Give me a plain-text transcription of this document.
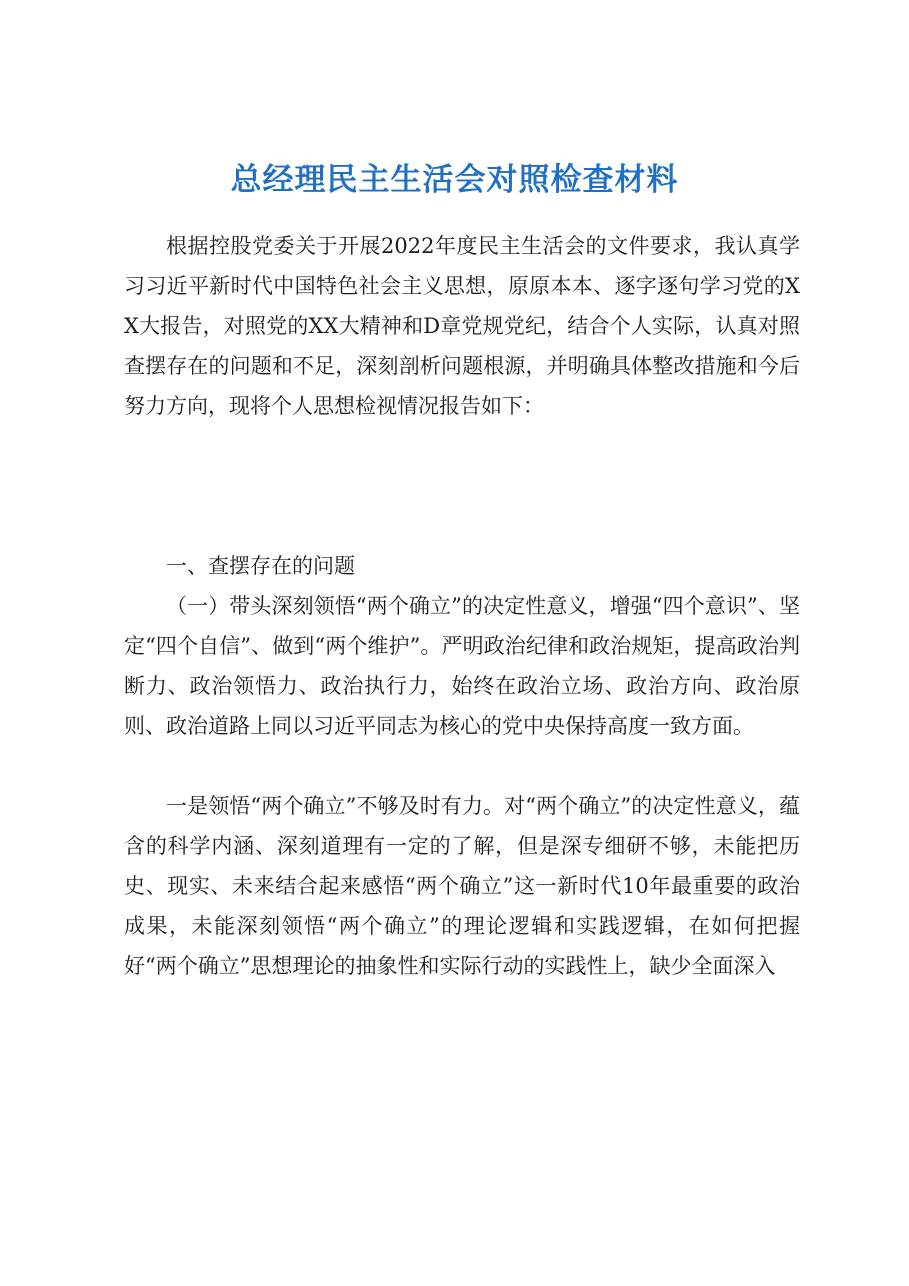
总经理民主生活会对照检查材料

根据控股党委关于开展2022年度民主生活会的文件要求，我认真学习习近平新时代中国特色社会主义思想，原原本本、逐字逐句学习党的XX大报告，对照党的XX大精神和D章党规党纪，结合个人实际，认真对照查摆存在的问题和不足，深刻剖析问题根源，并明确具体整改措施和今后努力方向，现将个人思想检视情况报告如下：

一、查摆存在的问题

（一）带头深刻领悟“两个确立”的决定性意义，增强“四个意识”、坚定“四个自信”、做到“两个维护”。严明政治纪律和政治规矩，提高政治判断力、政治领悟力、政治执行力，始终在政治立场、政治方向、政治原则、政治道路上同以习近平同志为核心的党中央保持高度一致方面。

一是领悟“两个确立”不够及时有力。对“两个确立”的决定性意义，蕴含的科学内涵、深刻道理有一定的了解，但是深专细研不够，未能把历史、现实、未来结合起来感悟“两个确立”这一新时代10年最重要的政治成果，未能深刻领悟“两个确立”的理论逻辑和实践逻辑，在如何把握好“两个确立”思想理论的抽象性和实际行动的实践性上，缺少全面深入
